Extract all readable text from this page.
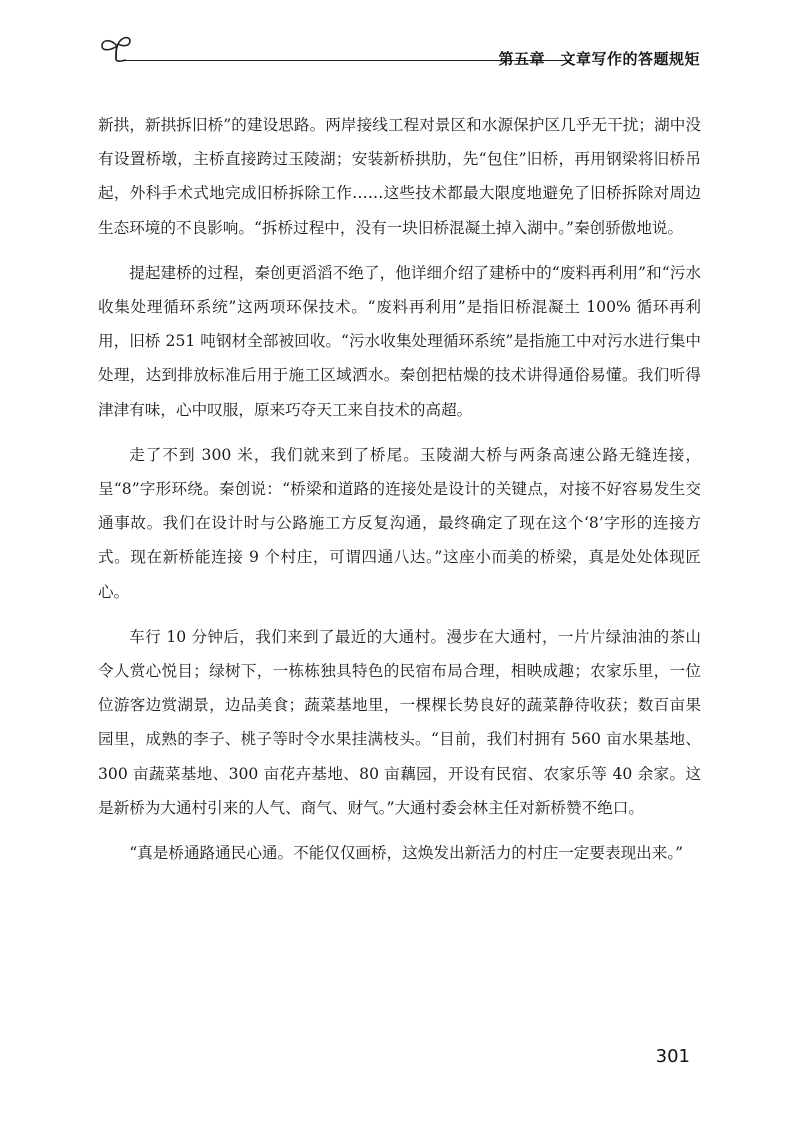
第五章　文章写作的答题规矩

新拱，新拱拆旧桥”的建设思路。两岸接线工程对景区和水源保护区几乎无干扰；湖中没有设置桥墩，主桥直接跨过玉陵湖；安装新桥拱肋，先“包住”旧桥，再用钢梁将旧桥吊起，外科手术式地完成旧桥拆除工作……这些技术都最大限度地避免了旧桥拆除对周边生态环境的不良影响。“拆桥过程中，没有一块旧桥混凝土掉入湖中。”秦创骄傲地说。

提起建桥的过程，秦创更滔滔不绝了，他详细介绍了建桥中的“废料再利用”和“污水收集处理循环系统”这两项环保技术。“废料再利用”是指旧桥混凝土 100% 循环再利用，旧桥 251 吨钢材全部被回收。“污水收集处理循环系统”是指施工中对污水进行集中处理，达到排放标准后用于施工区域洒水。秦创把枯燥的技术讲得通俗易懂。我们听得津津有味，心中叹服，原来巧夺天工来自技术的高超。

走了不到 300 米，我们就来到了桥尾。玉陵湖大桥与两条高速公路无缝连接，呈“8”字形环绕。秦创说：“桥梁和道路的连接处是设计的关键点，对接不好容易发生交通事故。我们在设计时与公路施工方反复沟通，最终确定了现在这个‘8’字形的连接方式。现在新桥能连接 9 个村庄，可谓四通八达。”这座小而美的桥梁，真是处处体现匠心。

车行 10 分钟后，我们来到了最近的大通村。漫步在大通村，一片片绿油油的茶山令人赏心悦目；绿树下，一栋栋独具特色的民宿布局合理，相映成趣；农家乐里，一位位游客边赏湖景，边品美食；蔬菜基地里，一棵棵长势良好的蔬菜静待收获；数百亩果园里，成熟的李子、桃子等时令水果挂满枝头。“目前，我们村拥有 560 亩水果基地、300 亩蔬菜基地、300 亩花卉基地、80 亩藕园，开设有民宿、农家乐等 40 余家。这是新桥为大通村引来的人气、商气、财气。”大通村委会林主任对新桥赞不绝口。

“真是桥通路通民心通。不能仅仅画桥，这焕发出新活力的村庄一定要表现出来。”

301
